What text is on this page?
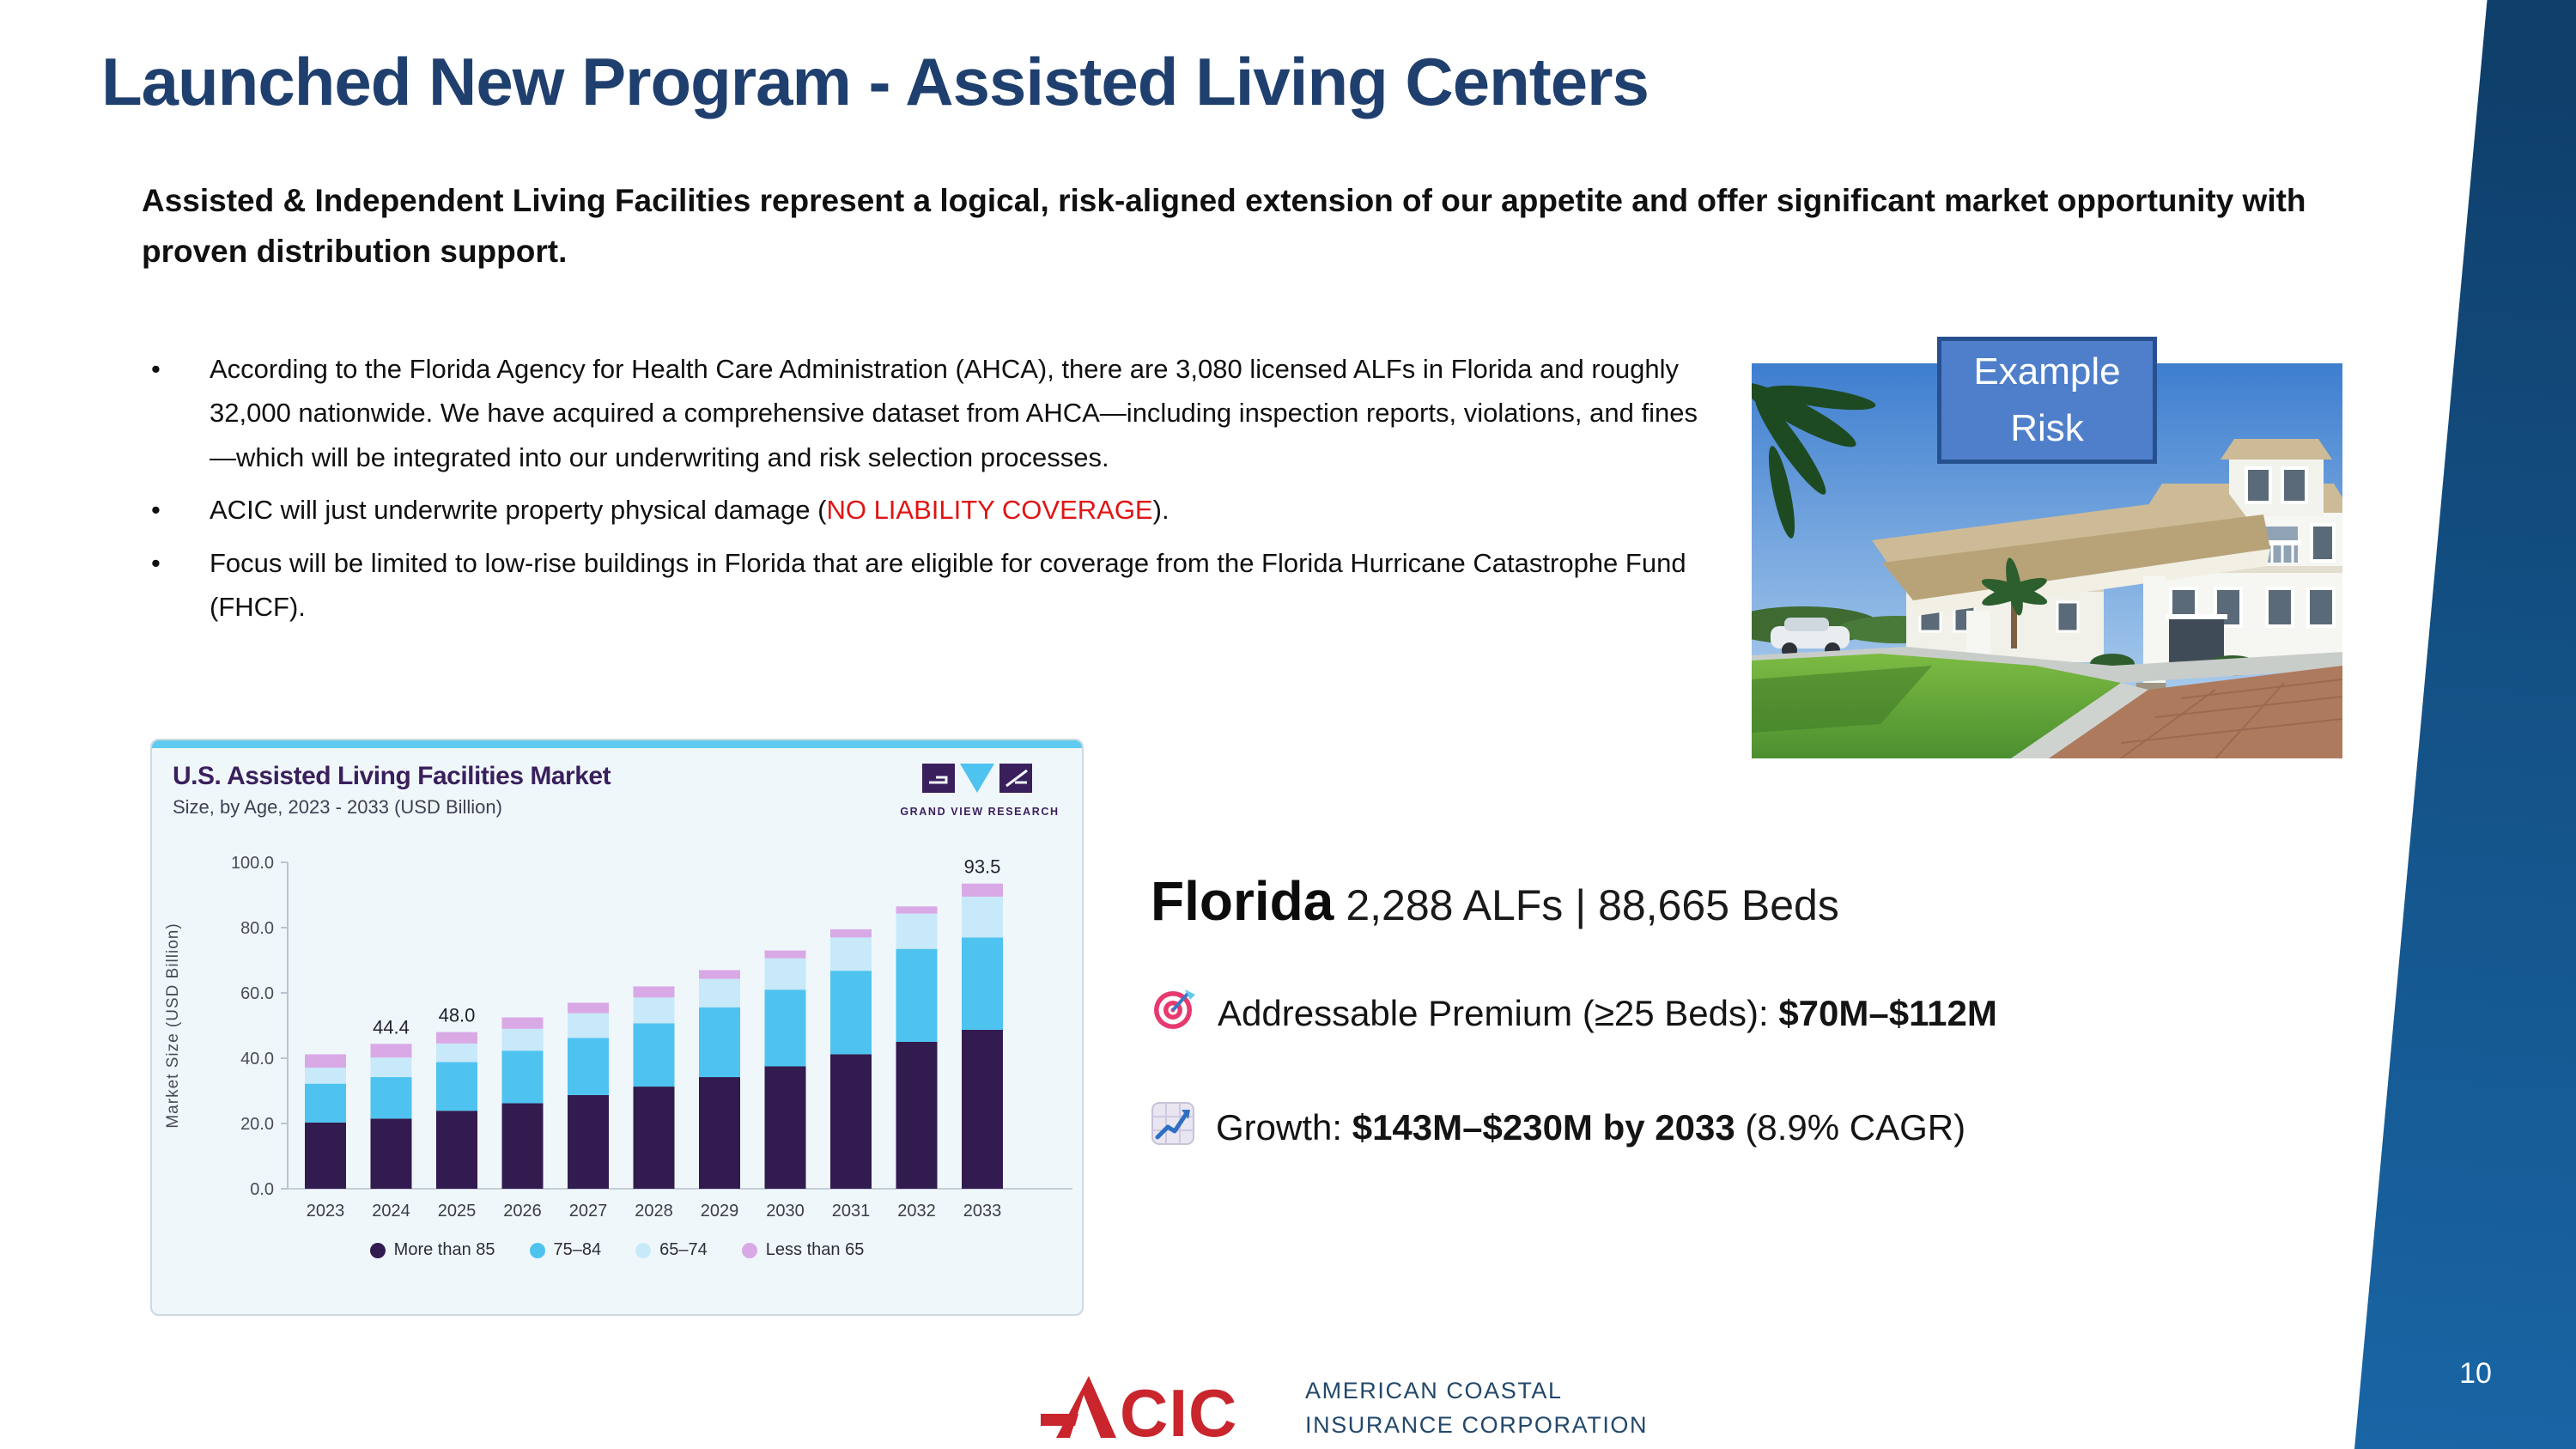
Launched New Program - Assisted Living Centers
Assisted & Independent Living Facilities represent a logical, risk-aligned extension of our appetite and offer significant market opportunity with proven distribution support.
• According to the Florida Agency for Health Care Administration (AHCA), there are 3,080 licensed ALFs in Florida and roughly 32,000 nationwide. We have acquired a comprehensive dataset from AHCA—including inspection reports, violations, and fines—which will be integrated into our underwriting and risk selection processes.
• ACIC will just underwrite property physical damage (NO LIABILITY COVERAGE).
• Focus will be limited to low-rise buildings in Florida that are eligible for coverage from the Florida Hurricane Catastrophe Fund (FHCF).
U.S. Assisted Living Facilities Market
Size, by Age, 2023 - 2033 (USD Billion)	GRAND VIEW RESEARCH
100.0
80.0
60.0
40.0
20.0
0.0
Market Size (USD Billion)
2023 2024
44.4
2025
48.0
2026 2027 2028 2029 2030 2031 2032 2033
93.5
More than 85	75–84	65–74	Less than 65
Example
Risk
Florida 2,288 ALFs | 88,665 Beds
Addressable Premium (≥25 Beds): $70M–$112M
Growth: $143M–$230M by 2033 (8.9% CAGR)
CIC	AMERICAN COASTAL
INSURANCE CORPORATION
10
